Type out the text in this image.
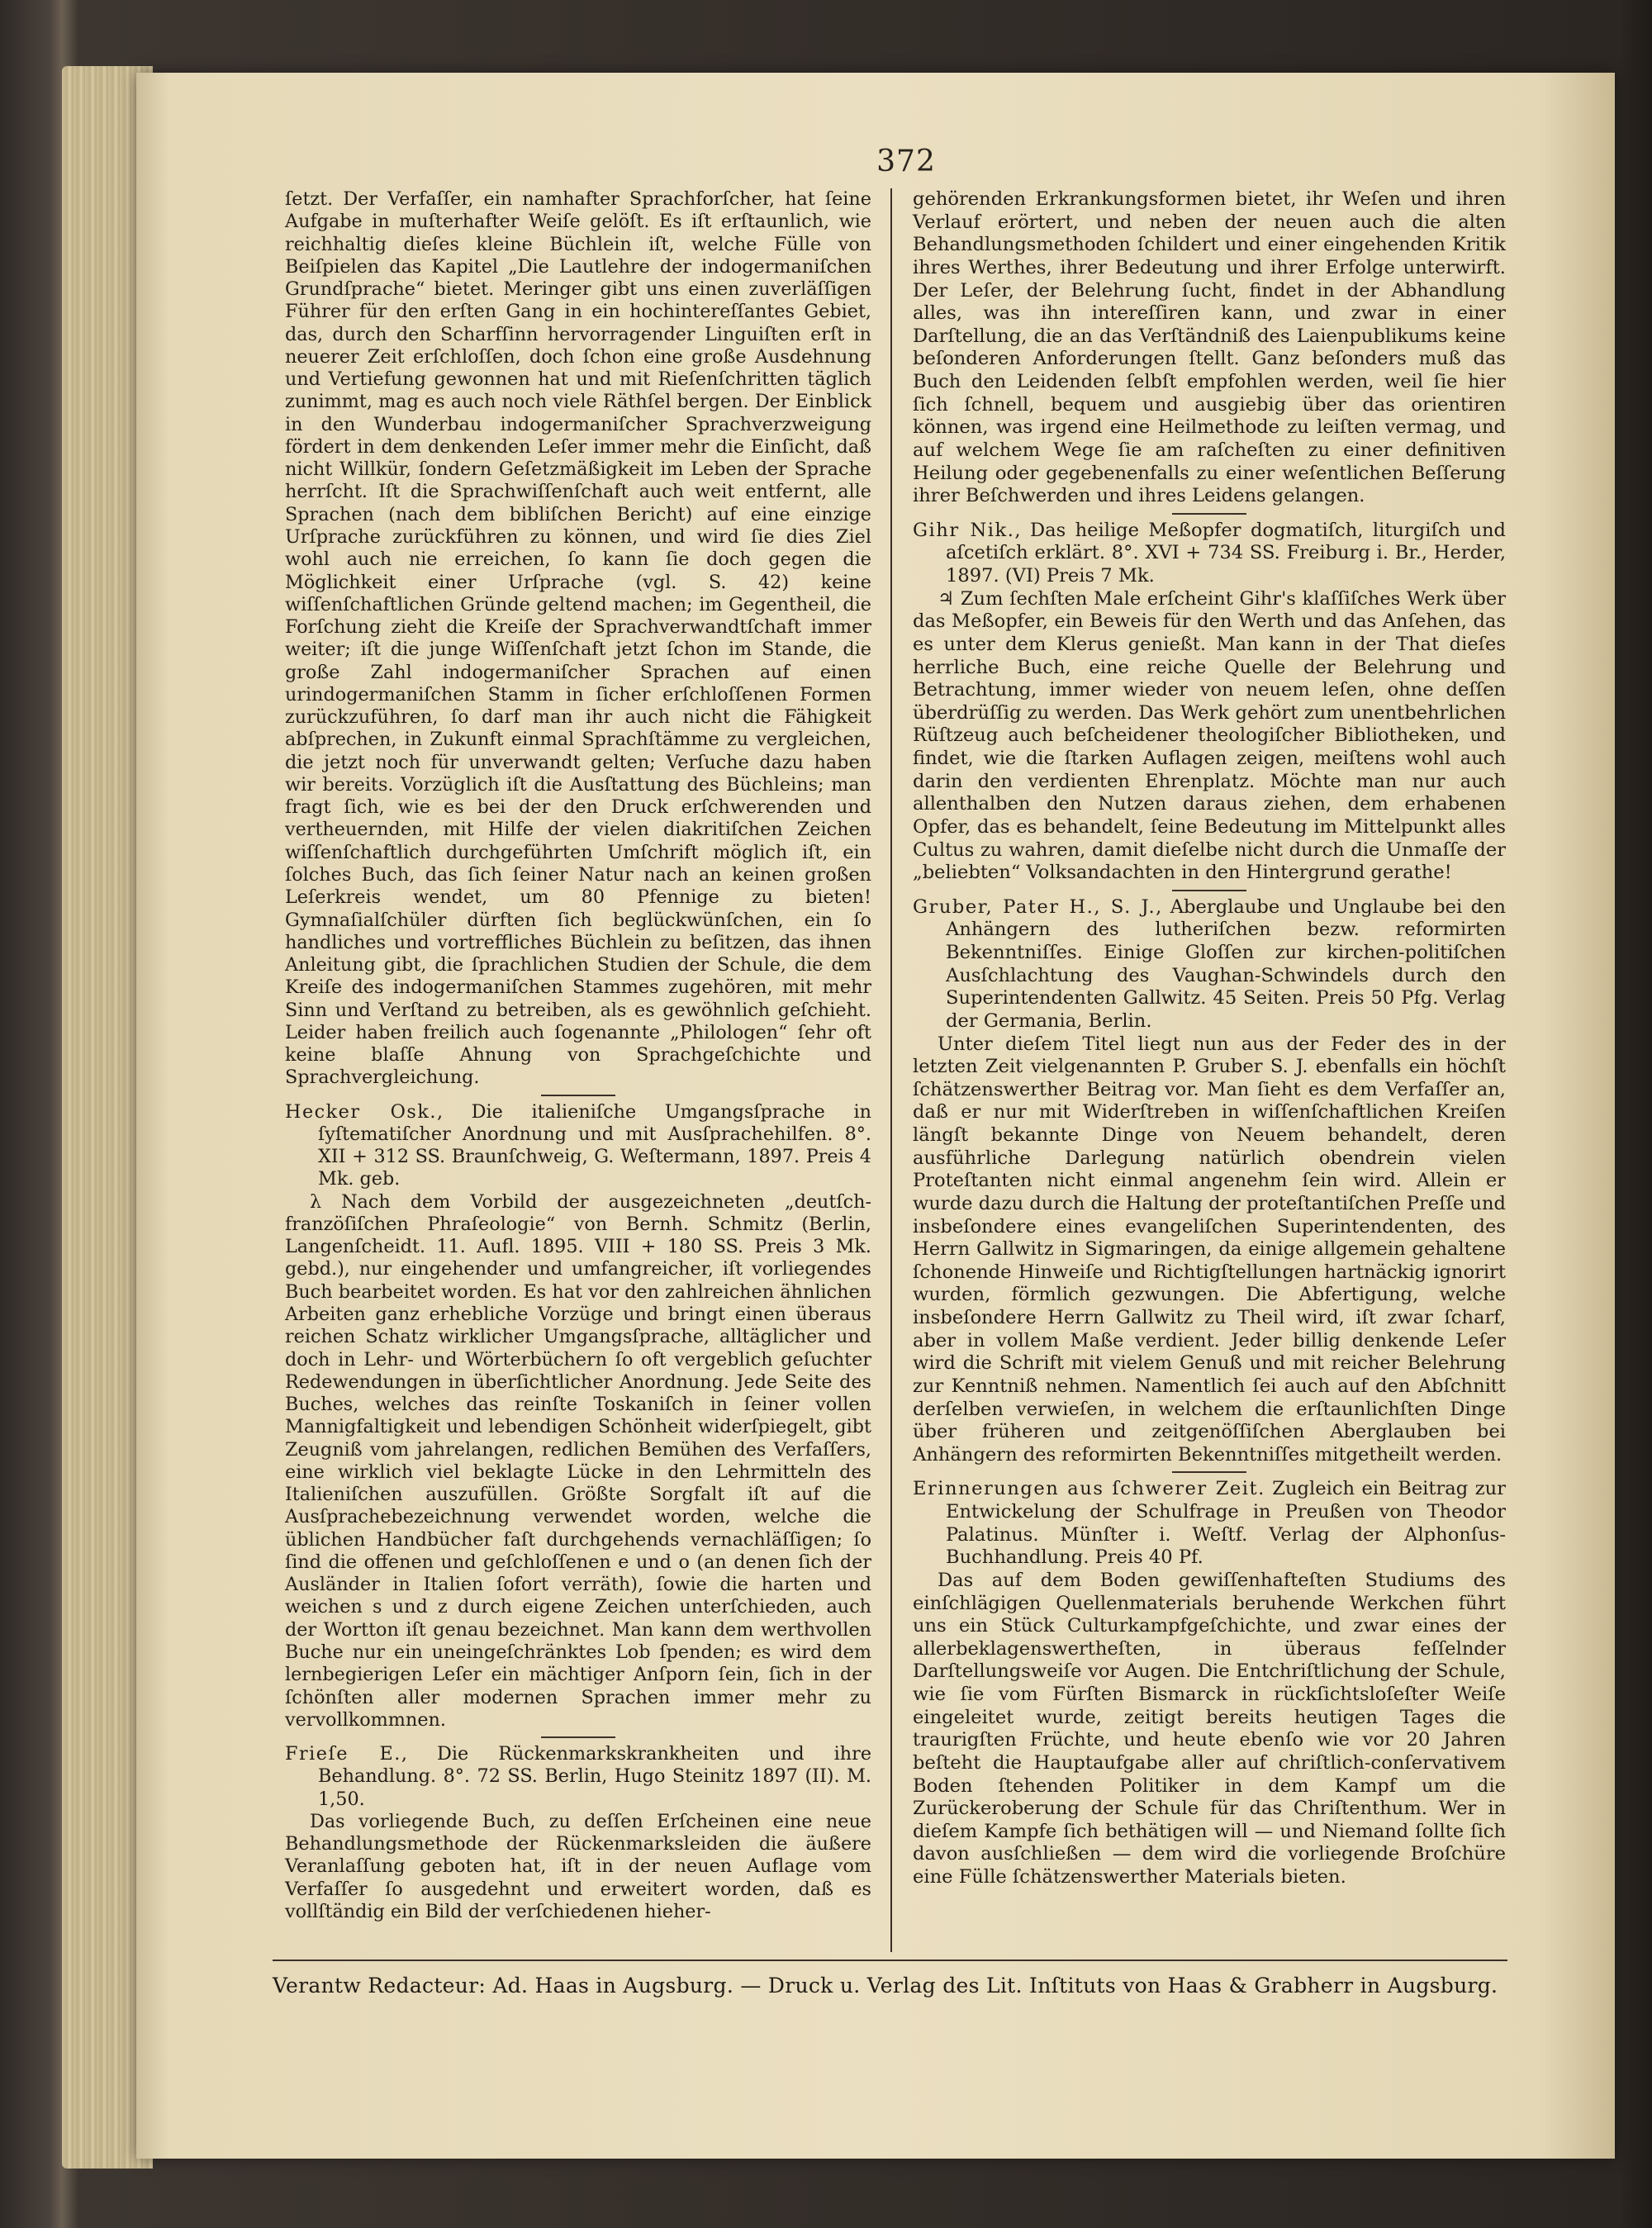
372

ſetzt. Der Verfaſſer, ein namhafter Sprachforſcher, hat ſeine Aufgabe in muſterhafter Weiſe gelöſt. Es iſt erſtaunlich, wie reichhaltig dieſes kleine Büchlein iſt, welche Fülle von Beiſpielen das Kapitel „Die Lautlehre der indogermaniſchen Grundſprache“ bietet. Meringer gibt uns einen zuverläſſigen Führer für den erſten Gang in ein hochintereſſantes Gebiet, das, durch den Scharfſinn hervorragender Linguiſten erſt in neuerer Zeit erſchloſſen, doch ſchon eine große Ausdehnung und Vertiefung gewonnen hat und mit Rieſenſchritten täglich zunimmt, mag es auch noch viele Räthſel bergen. Der Einblick in den Wunderbau indogermaniſcher Sprachverzweigung fördert in dem denkenden Leſer immer mehr die Einſicht, daß nicht Willkür, ſondern Geſetzmäßigkeit im Leben der Sprache herrſcht. Iſt die Sprachwiſſenſchaft auch weit entfernt, alle Sprachen (nach dem bibliſchen Bericht) auf eine einzige Urſprache zurückführen zu können, und wird ſie dies Ziel wohl auch nie erreichen, ſo kann ſie doch gegen die Möglichkeit einer Urſprache (vgl. S. 42) keine wiſſenſchaftlichen Gründe geltend machen; im Gegentheil, die Forſchung zieht die Kreiſe der Sprachverwandtſchaft immer weiter; iſt die junge Wiſſenſchaft jetzt ſchon im Stande, die große Zahl indogermaniſcher Sprachen auf einen urindogermaniſchen Stamm in ſicher erſchloſſenen Formen zurückzuführen, ſo darf man ihr auch nicht die Fähigkeit abſprechen, in Zukunft einmal Sprachſtämme zu vergleichen, die jetzt noch für unverwandt gelten; Verſuche dazu haben wir bereits. Vorzüglich iſt die Ausſtattung des Büchleins; man fragt ſich, wie es bei der den Druck erſchwerenden und vertheuernden, mit Hilfe der vielen diakritiſchen Zeichen wiſſenſchaftlich durchgeführten Umſchrift möglich iſt, ein ſolches Buch, das ſich ſeiner Natur nach an keinen großen Leſerkreis wendet, um 80 Pfennige zu bieten! Gymnaſialſchüler dürften ſich beglückwünſchen, ein ſo handliches und vortreffliches Büchlein zu beſitzen, das ihnen Anleitung gibt, die ſprachlichen Studien der Schule, die dem Kreiſe des indogermaniſchen Stammes zugehören, mit mehr Sinn und Verſtand zu betreiben, als es gewöhnlich geſchieht. Leider haben freilich auch ſogenannte „Philologen“ ſehr oft keine blaſſe Ahnung von Sprachgeſchichte und Sprachvergleichung.

Hecker Osk., Die italieniſche Umgangsſprache in ſyſtematiſcher Anordnung und mit Ausſprachehilfen. 8°. XII + 312 SS. Braunſchweig, G. Weſtermann, 1897. Preis 4 Mk. geb.

λ Nach dem Vorbild der ausgezeichneten „deutſch-franzöſiſchen Phraſeologie“ von Bernh. Schmitz (Berlin, Langenſcheidt. 11. Aufl. 1895. VIII + 180 SS. Preis 3 Mk. gebd.), nur eingehender und umfangreicher, iſt vorliegendes Buch bearbeitet worden. Es hat vor den zahlreichen ähnlichen Arbeiten ganz erhebliche Vorzüge und bringt einen überaus reichen Schatz wirklicher Umgangsſprache, alltäglicher und doch in Lehr- und Wörterbüchern ſo oft vergeblich geſuchter Redewendungen in überſichtlicher Anordnung. Jede Seite des Buches, welches das reinſte Toskaniſch in ſeiner vollen Mannigfaltigkeit und lebendigen Schönheit widerſpiegelt, gibt Zeugniß vom jahrelangen, redlichen Bemühen des Verfaſſers, eine wirklich viel beklagte Lücke in den Lehrmitteln des Italieniſchen auszufüllen. Größte Sorgfalt iſt auf die Ausſprachebezeichnung verwendet worden, welche die üblichen Handbücher faſt durchgehends vernachläſſigen; ſo ſind die offenen und geſchloſſenen e und o (an denen ſich der Ausländer in Italien ſofort verräth), ſowie die harten und weichen s und z durch eigene Zeichen unterſchieden, auch der Wortton iſt genau bezeichnet. Man kann dem werthvollen Buche nur ein uneingeſchränktes Lob ſpenden; es wird dem lernbegierigen Leſer ein mächtiger Anſporn ſein, ſich in der ſchönſten aller modernen Sprachen immer mehr zu vervollkommnen.

Frieſe E., Die Rückenmarkskrankheiten und ihre Behandlung. 8°. 72 SS. Berlin, Hugo Steinitz 1897 (II). M. 1,50.

Das vorliegende Buch, zu deſſen Erſcheinen eine neue Behandlungsmethode der Rückenmarksleiden die äußere Veranlaſſung geboten hat, iſt in der neuen Auflage vom Verfaſſer ſo ausgedehnt und erweitert worden, daß es vollſtändig ein Bild der verſchiedenen hieher-

gehörenden Erkrankungsformen bietet, ihr Weſen und ihren Verlauf erörtert, und neben der neuen auch die alten Behandlungsmethoden ſchildert und einer eingehenden Kritik ihres Werthes, ihrer Bedeutung und ihrer Erfolge unterwirft. Der Leſer, der Belehrung ſucht, findet in der Abhandlung alles, was ihn intereſſiren kann, und zwar in einer Darſtellung, die an das Verſtändniß des Laienpublikums keine beſonderen Anforderungen ſtellt. Ganz beſonders muß das Buch den Leidenden ſelbſt empfohlen werden, weil ſie hier ſich ſchnell, bequem und ausgiebig über das orientiren können, was irgend eine Heilmethode zu leiſten vermag, und auf welchem Wege ſie am raſcheſten zu einer definitiven Heilung oder gegebenenfalls zu einer weſentlichen Beſſerung ihrer Beſchwerden und ihres Leidens gelangen.

Gihr Nik., Das heilige Meßopfer dogmatiſch, liturgiſch und aſcetiſch erklärt. 8°. XVI + 734 SS. Freiburg i. Br., Herder, 1897. (VI) Preis 7 Mk.

♃ Zum ſechſten Male erſcheint Gihr's klaſſiſches Werk über das Meßopfer, ein Beweis für den Werth und das Anſehen, das es unter dem Klerus genießt. Man kann in der That dieſes herrliche Buch, eine reiche Quelle der Belehrung und Betrachtung, immer wieder von neuem leſen, ohne deſſen überdrüſſig zu werden. Das Werk gehört zum unentbehrlichen Rüſtzeug auch beſcheidener theologiſcher Bibliotheken, und findet, wie die ſtarken Auflagen zeigen, meiſtens wohl auch darin den verdienten Ehrenplatz. Möchte man nur auch allenthalben den Nutzen daraus ziehen, dem erhabenen Opfer, das es behandelt, ſeine Bedeutung im Mittelpunkt alles Cultus zu wahren, damit dieſelbe nicht durch die Unmaſſe der „beliebten“ Volksandachten in den Hintergrund gerathe!

Gruber, Pater H., S. J., Aberglaube und Unglaube bei den Anhängern des lutheriſchen bezw. reformirten Bekenntniſſes. Einige Gloſſen zur kirchen-politiſchen Ausſchlachtung des Vaughan-Schwindels durch den Superintendenten Gallwitz. 45 Seiten. Preis 50 Pfg. Verlag der Germania, Berlin.

Unter dieſem Titel liegt nun aus der Feder des in der letzten Zeit vielgenannten P. Gruber S. J. ebenfalls ein höchſt ſchätzenswerther Beitrag vor. Man ſieht es dem Verfaſſer an, daß er nur mit Widerſtreben in wiſſenſchaftlichen Kreiſen längſt bekannte Dinge von Neuem behandelt, deren ausführliche Darlegung natürlich obendrein vielen Proteſtanten nicht einmal angenehm ſein wird. Allein er wurde dazu durch die Haltung der proteſtantiſchen Preſſe und insbeſondere eines evangeliſchen Superintendenten, des Herrn Gallwitz in Sigmaringen, da einige allgemein gehaltene ſchonende Hinweiſe und Richtigſtellungen hartnäckig ignorirt wurden, förmlich gezwungen. Die Abfertigung, welche insbeſondere Herrn Gallwitz zu Theil wird, iſt zwar ſcharf, aber in vollem Maße verdient. Jeder billig denkende Leſer wird die Schrift mit vielem Genuß und mit reicher Belehrung zur Kenntniß nehmen. Namentlich ſei auch auf den Abſchnitt derſelben verwieſen, in welchem die erſtaunlichſten Dinge über früheren und zeitgenöſſiſchen Aberglauben bei Anhängern des reformirten Bekenntniſſes mitgetheilt werden.

Erinnerungen aus ſchwerer Zeit. Zugleich ein Beitrag zur Entwickelung der Schulfrage in Preußen von Theodor Palatinus. Münſter i. Weſtf. Verlag der Alphonſus-Buchhandlung. Preis 40 Pf.

Das auf dem Boden gewiſſenhafteſten Studiums des einſchlägigen Quellenmaterials beruhende Werkchen führt uns ein Stück Culturkampfgeſchichte, und zwar eines der allerbeklagenswertheſten, in überaus feſſelnder Darſtellungsweiſe vor Augen. Die Entchriſtlichung der Schule, wie ſie vom Fürſten Bismarck in rückſichtsloſeſter Weiſe eingeleitet wurde, zeitigt bereits heutigen Tages die traurigſten Früchte, und heute ebenſo wie vor 20 Jahren beſteht die Hauptaufgabe aller auf chriſtlich-conſervativem Boden ſtehenden Politiker in dem Kampf um die Zurückeroberung der Schule für das Chriſtenthum. Wer in dieſem Kampfe ſich bethätigen will — und Niemand ſollte ſich davon ausſchließen — dem wird die vorliegende Broſchüre eine Fülle ſchätzenswerther Materials bieten.

Verantw Redacteur: Ad. Haas in Augsburg. — Druck u. Verlag des Lit. Inſtituts von Haas & Grabherr in Augsburg.
